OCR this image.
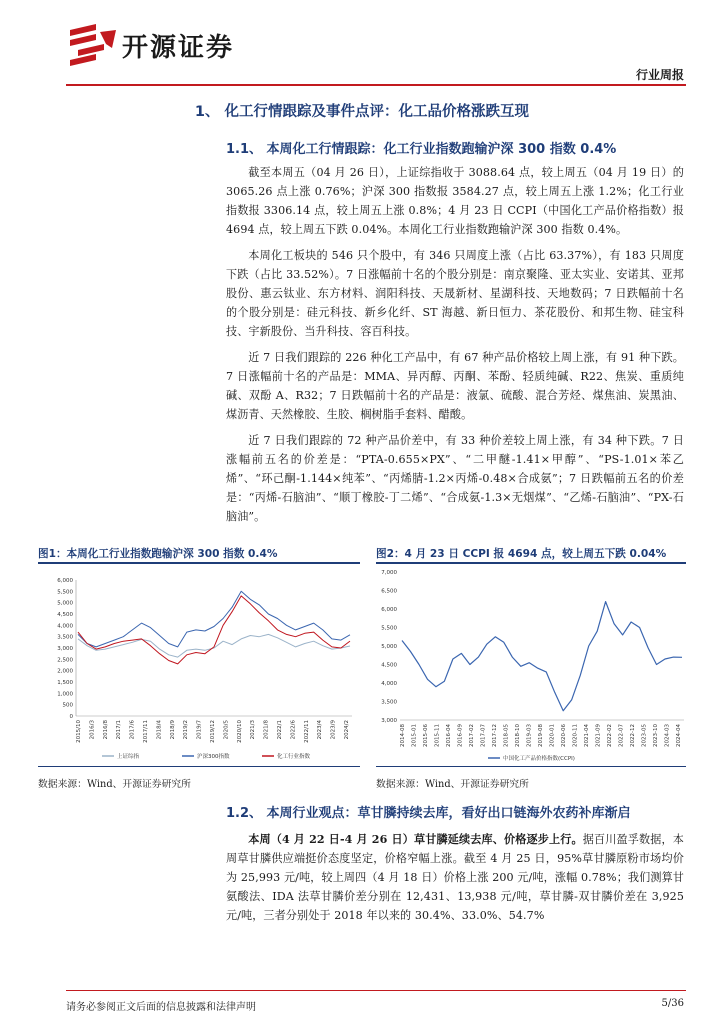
开源证券
行业周报
1、 化工行情跟踪及事件点评：化工品价格涨跌互现
1.1、 本周化工行情跟踪：化工行业指数跑输沪深 300 指数 0.4%

截至本周五（04 月 26 日），上证综指收于 3088.64 点，较上周五（04 月 19 日）的 3065.26 点上涨 0.76%；沪深 300 指数报 3584.27 点，较上周五上涨 1.2%；化工行业指数报 3306.14 点，较上周五上涨 0.8%；4 月 23 日 CCPI（中国化工产品价格指数）报 4694 点，较上周五下跌 0.04%。本周化工行业指数跑输沪深 300 指数 0.4%。

本周化工板块的 546 只个股中，有 346 只周度上涨（占比 63.37%），有 183 只周度下跌（占比 33.52%）。7 日涨幅前十名的个股分别是：南京聚隆、亚太实业、安诺其、亚邦股份、惠云钛业、东方材料、润阳科技、天晟新材、星湖科技、天地数码；7 日跌幅前十名的个股分别是：硅元科技、新乡化纤、ST 海越、新日恒力、茶花股份、和邦生物、硅宝科技、宇新股份、当升科技、容百科技。

近 7 日我们跟踪的 226 种化工产品中，有 67 种产品价格较上周上涨，有 91 种下跌。7 日涨幅前十名的产品是：MMA、异丙醇、丙酮、苯酚、轻质纯碱、R22、焦炭、重质纯碱、双酚 A、R32；7 日跌幅前十名的产品是：液氯、硫酸、混合芳烃、煤焦油、炭黑油、煤沥青、天然橡胶、生胶、榈树脂手套料、醋酸。

近 7 日我们跟踪的 72 种产品价差中，有 33 种价差较上周上涨，有 34 种下跌。7 日涨幅前五名的价差是：“PTA-0.655×PX”、“二甲醚-1.41×甲醇”、“PS-1.01×苯乙烯”、“环己酮-1.144×纯苯”、“丙烯腈-1.2×丙烯-0.48×合成氨”；7 日跌幅前五名的价差是：“丙烯-石脑油”、“顺丁橡胶-丁二烯”、“合成氨-1.3×无烟煤”、“乙烯-石脑油”、“PX-石脑油”。

图1：本周化工行业指数跑输沪深 300 指数 0.4%
6,000
5,500
5,000
4,500
4,000
3,500
3,000
2,500
2,000
1,500
1,000
500
0
2015/10 2016/3 2016/8 2017/1 2017/6 2017/11 2018/4 2018/9 2019/2 2019/7 2019/12 2020/5 2020/10 2021/3 2021/8 2022/1 2022/6 2022/11 2023/4 2023/9 2024/2
上证综指	沪深300指数	化工行业指数
数据来源：Wind、开源证券研究所
图2：4 月 23 日 CCPI 报 4694 点，较上周五下跌 0.04%
7,000
6,500
6,000
5,500
5,000
4,500
4,000
3,500
3,000
2014-08 2015-01 2015-06 2015-11 2016-04 2016-09 2017-02 2017-07 2017-12 2018-05 2018-10 2019-03 2019-08 2020-01 2020-06 2020-11 2021-04 2021-09 2022-02 2022-07 2022-12 2023-05 2023-10 2024-03 2024-04
中国化工产品价格指数(CCPI)
数据来源：Wind、开源证券研究所
1.2、 本周行业观点：草甘膦持续去库，看好出口链海外农药补库渐启

本周（4 月 22 日-4 月 26 日）草甘膦延续去库、价格逐步上行。据百川盈孚数据，本周草甘膦供应端挺价态度坚定，价格窄幅上涨。截至 4 月 25 日，95%草甘膦原粉市场均价为 25,993 元/吨，较上周四（4 月 18 日）价格上涨 200 元/吨，涨幅 0.78%；我们测算甘氨酸法、IDA 法草甘膦价差分别在 12,431、13,938 元/吨，草甘膦-双甘膦价差在 3,925 元/吨，三者分别处于 2018 年以来的 30.4%、33.0%、54.7%

请务必参阅正文后面的信息披露和法律声明	5/36
